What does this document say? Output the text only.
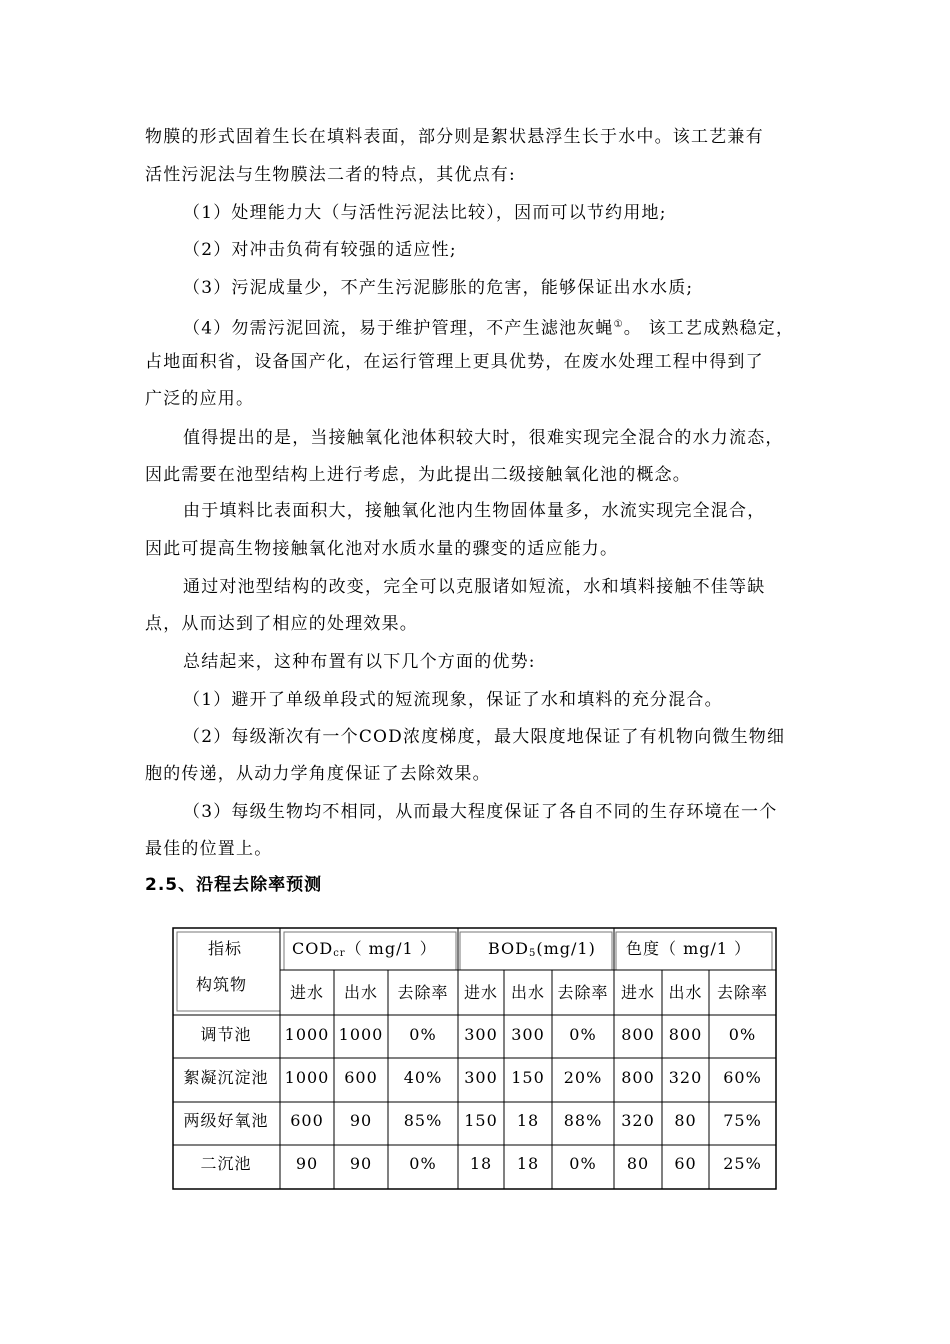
物膜的形式固着生长在填料表面，部分则是絮状悬浮生长于水中。该工艺兼有
活性污泥法与生物膜法二者的特点，其优点有:
（1）处理能力大（与活性污泥法比较），因而可以节约用地;
（2）对冲击负荷有较强的适应性;
（3）污泥成量少，不产生污泥膨胀的危害，能够保证出水水质;
（4）勿需污泥回流，易于维护管理，不产生滤池灰蝇①。 该工艺成熟稳定，
占地面积省，设备国产化，在运行管理上更具优势，在废水处理工程中得到了
广泛的应用。
值得提出的是，当接触氧化池体积较大时，很难实现完全混合的水力流态，
因此需要在池型结构上进行考虑，为此提出二级接触氧化池的概念。
由于填料比表面积大，接触氧化池内生物固体量多，水流实现完全混合，
因此可提高生物接触氧化池对水质水量的骤变的适应能力。
通过对池型结构的改变，完全可以克服诸如短流，水和填料接触不佳等缺
点，从而达到了相应的处理效果。
总结起来，这种布置有以下几个方面的优势:
（1）避开了单级单段式的短流现象，保证了水和填料的充分混合。
（2）每级渐次有一个COD浓度梯度，最大限度地保证了有机物向微生物细
胞的传递，从动力学角度保证了去除效果。
（3）每级生物均不相同，从而最大程度保证了各自不同的生存环境在一个
最佳的位置上。
2.5、沿程去除率预测
指标
构筑物
$COD_{cr}$（ mg/1 ）	$BOD_5(mg/1)$	色度（ mg/1 ）
进水	出水	去除率 进水 出水 去除率 进水 出水 去除率
调节池	1000 1000	0%	300 300	0%	800 800	0%
絮凝沉淀池	1000 600	40%	300 150	20%	800 320	60%
两级好氧池	600	90	85%	150	18	88%	320	80	75%
二沉池	90	90	0%	18	18	0%	80	60	25%
